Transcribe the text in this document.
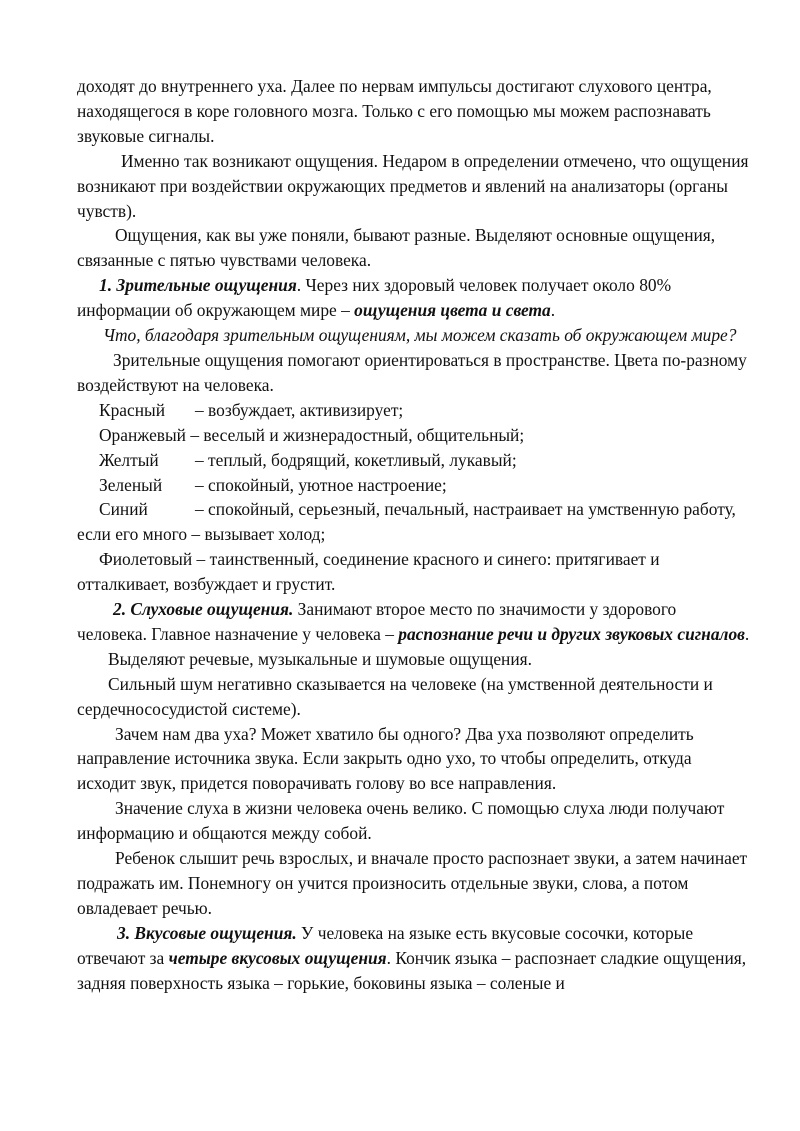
доходят до внутреннего уха. Далее по нервам импульсы достигают слухового центра, находящегося в коре головного мозга. Только с его помощью мы можем распознавать звуковые сигналы.

Именно так возникают ощущения. Недаром в определении отмечено, что ощущения возникают при воздействии окружающих предметов и явлений на анализаторы (органы чувств).

Ощущения, как вы уже поняли, бывают разные. Выделяют основные ощущения, связанные с пятью чувствами человека.

1. Зрительные ощущения. Через них здоровый человек получает около 80% информации об окружающем мире – ощущения цвета и света.

Что, благодаря зрительным ощущениям, мы можем сказать об окружающем мире?

Зрительные ощущения помогают ориентироваться в пространстве. Цвета по-разному воздействуют на человека.

Красный – возбуждает, активизирует;

Оранжевый – веселый и жизнерадостный, общительный;

Желтый – теплый, бодрящий, кокетливый, лукавый;

Зеленый – спокойный, уютное настроение;

Синий	– спокойный, серьезный, печальный, настраивает на умственную работу, если его много – вызывает холод;

Фиолетовый – таинственный, соединение красного и синего: притягивает и отталкивает, возбуждает и грустит.

2. Слуховые ощущения. Занимают второе место по значимости у здорового человека. Главное назначение у человека – распознание речи и других звуковых сигналов.

Выделяют речевые, музыкальные и шумовые ощущения.

Сильный шум негативно сказывается на человеке (на умственной деятельности и сердечнососудистой системе).

Зачем нам два уха? Может хватило бы одного? Два уха позволяют определить направление источника звука. Если закрыть одно ухо, то чтобы определить, откуда исходит звук, придется поворачивать голову во все направления.

Значение слуха в жизни человека очень велико. С помощью слуха люди получают информацию и общаются между собой.

Ребенок слышит речь взрослых, и вначале просто распознает звуки, а затем начинает подражать им. Понемногу он учится произносить отдельные звуки, слова, а потом овладевает речью.

3. Вкусовые ощущения. У человека на языке есть вкусовые сосочки, которые отвечают за четыре вкусовых ощущения. Кончик языка – распознает сладкие ощущения, задняя поверхность языка – горькие, боковины языка – соленые и
